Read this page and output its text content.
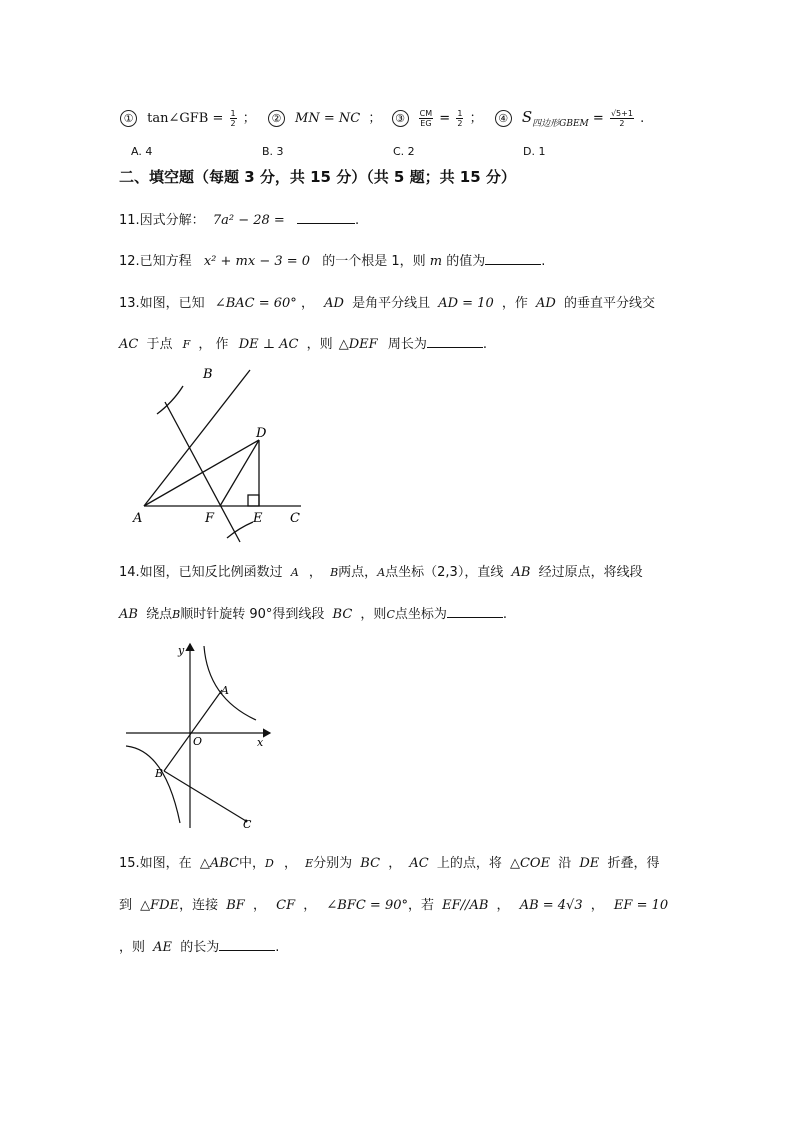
① tan∠GFB = $\frac{1}{2}$ ； ② MN = NC ； ③ $\frac{CM}{EG} = \frac{1}{2}$ ； ④ $S_{四边形GBEM} = \frac{√5+1}{2}$ .
A. 4	B. 3	C. 2	D. 1
二、填空题（每题 3 分，共 15 分）（共 5 题；共 15 分）
11.因式分解： 7a² − 28 =	.
12.已知方程 x² + mx − 3 = 0 的一个根是 1，则 m 的值为	.
13.如图，已知 ∠BAC = 60° ， AD 是角平分线且 AD = 10 ，作 AD 的垂直平分线交
AC 于点 F ， 作 DE ⊥ AC ，则 △DEF 周长为	.
B
D
A	F	E C
14.如图，已知反比例函数过 A ， B两点，A点坐标（2,3），直线 AB 经过原点，将线段
AB 绕点B顺时针旋转 90°得到线段 BC ，则C点坐标为	.
y
x
O
A
B
C
15.如图，在 △ABC中，D ， E分别为 BC ， AC 上的点，将 △COE 沿 DE 折叠，得
到 △FDE，连接 BF ， CF ， ∠BFC = 90°，若 EF//AB ， AB = 4√3 ， EF = 10
，则 AE 的长为	.
